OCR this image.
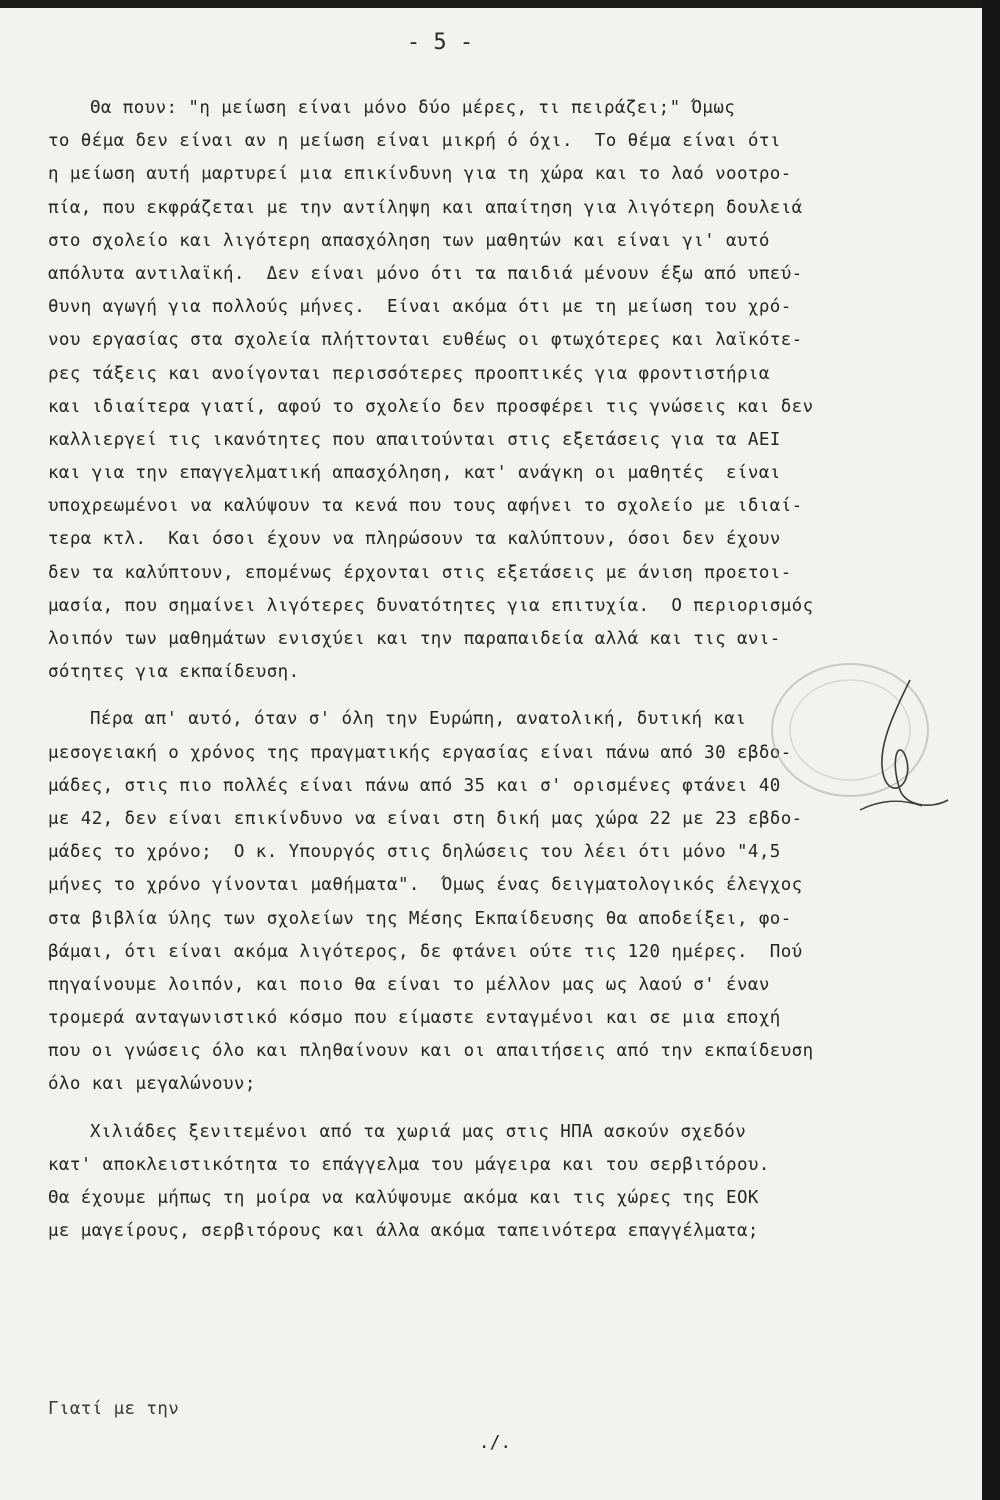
- 5 -
Θα πουν: "η μείωση είναι μόνο δύο μέρες, τι πειράζει;" Όμως
το θέμα δεν είναι αν η μείωση είναι μικρή ό όχι.  Το θέμα είναι ότι
η μείωση αυτή μαρτυρεί μια επικίνδυνη για τη χώρα και το λαό νοοτρο-
πία, που εκφράζεται με την αντίληψη και απαίτηση για λιγότερη δουλειά
στο σχολείο και λιγότερη απασχόληση των μαθητών και είναι γι' αυτό
απόλυτα αντιλαϊκή.  Δεν είναι μόνο ότι τα παιδιά μένουν έξω από υπεύ-
θυνη αγωγή για πολλούς μήνες.  Είναι ακόμα ότι με τη μείωση του χρό-
νου εργασίας στα σχολεία πλήττονται ευθέως οι φτωχότερες και λαϊκότε-
ρες τάξεις και ανοίγονται περισσότερες προοπτικές για φροντιστήρια
και ιδιαίτερα γιατί, αφού το σχολείο δεν προσφέρει τις γνώσεις και δεν
καλλιεργεί τις ικανότητες που απαιτούνται στις εξετάσεις για τα ΑΕΙ
και για την επαγγελματική απασχόληση, κατ' ανάγκη οι μαθητές  είναι
υποχρεωμένοι να καλύψουν τα κενά που τους αφήνει το σχολείο με ιδιαί-
τερα κτλ.  Και όσοι έχουν να πληρώσουν τα καλύπτουν, όσοι δεν έχουν
δεν τα καλύπτουν, επομένως έρχονται στις εξετάσεις με άνιση προετοι-
μασία, που σημαίνει λιγότερες δυνατότητες για επιτυχία.  Ο περιορισμός
λοιπόν των μαθημάτων ενισχύει και την παραπαιδεία αλλά και τις ανι-
σότητες για εκπαίδευση.
Πέρα απ' αυτό, όταν σ' όλη την Ευρώπη, ανατολική, δυτική και
μεσογειακή ο χρόνος της πραγματικής εργασίας είναι πάνω από 30 εβδο-
μάδες, στις πιο πολλές είναι πάνω από 35 και σ' ορισμένες φτάνει 40
με 42, δεν είναι επικίνδυνο να είναι στη δική μας χώρα 22 με 23 εβδο-
μάδες το χρόνο;  Ο κ. Υπουργός στις δηλώσεις του λέει ότι μόνο "4,5
μήνες το χρόνο γίνονται μαθήματα".  Όμως ένας δειγματολογικός έλεγχος
στα βιβλία ύλης των σχολείων της Μέσης Εκπαίδευσης θα αποδείξει, φο-
βάμαι, ότι είναι ακόμα λιγότερος, δε φτάνει ούτε τις 120 ημέρες.  Πού
πηγαίνουμε λοιπόν, και ποιο θα είναι το μέλλον μας ως λαού σ' έναν
τρομερά ανταγωνιστικό κόσμο που είμαστε ενταγμένοι και σε μια εποχή
που οι γνώσεις όλο και πληθαίνουν και οι απαιτήσεις από την εκπαίδευση
όλο και μεγαλώνουν;
Χιλιάδες ξενιτεμένοι από τα χωριά μας στις ΗΠΑ ασκούν σχεδόν
κατ' αποκλειστικότητα το επάγγελμα του μάγειρα και του σερβιτόρου.
Θα έχουμε μήπως τη μοίρα να καλύψουμε ακόμα και τις χώρες της ΕΟΚ
με μαγείρους, σερβιτόρους και άλλα ακόμα ταπεινότερα επαγγέλματα;
Γιατί με την
./.
